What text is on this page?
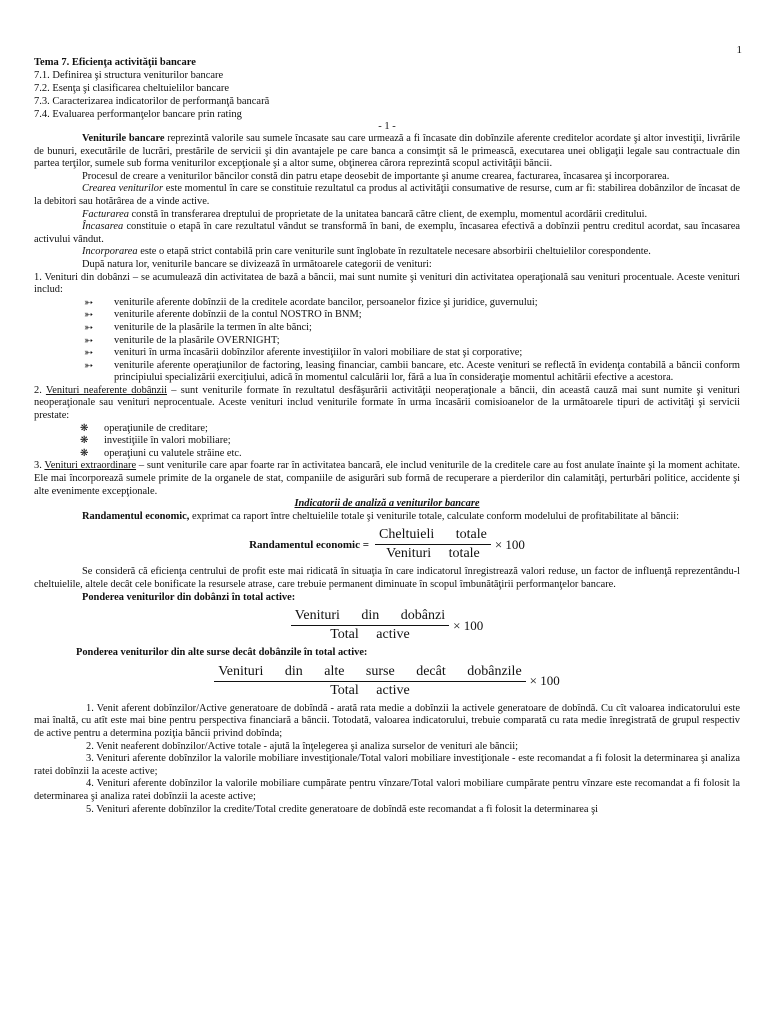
1
Tema 7. Eficienţa activităţii bancare
7.1. Definirea şi structura veniturilor bancare
7.2. Esenţa şi clasificarea cheltuielilor bancare
7.3. Caracterizarea indicatorilor de performanţă bancară
7.4. Evaluarea performanţelor bancare prin rating
- 1 -

Veniturile bancare reprezintă valorile sau sumele încasate sau care urmează a fi încasate din dobînzile aferente creditelor acordate şi altor investiţii, livrările de bunuri, executările de lucrări, prestările de servicii şi din avantajele pe care banca a consimţit să le primească, executarea unei obligaţii legale sau contractuale din partea terţilor, sumele sub forma veniturilor excepţionale şi a altor sume, obţinerea cărora reprezintă scopul activităţii băncii.

Procesul de creare a veniturilor băncilor constă din patru etape deosebit de importante şi anume crearea, facturarea, încasarea şi incorporarea.

Crearea veniturilor este momentul în care se constituie rezultatul ca produs al activităţii consumative de resurse, cum ar fi: stabilirea dobânzilor de încasat de la debitori sau hotărârea de a vinde active.

Facturarea constă în transferarea dreptului de proprietate de la unitatea bancară către client, de exemplu, momentul acordării creditului.

Încasarea constituie o etapă în care rezultatul vândut se transformă în bani, de exemplu, încasarea efectivă a dobînzii pentru creditul acordat, sau încasarea activului vândut.

Incorporarea este o etapă strict contabilă prin care veniturile sunt înglobate în rezultatele necesare absorbirii cheltuielilor corespondente.

După natura lor, veniturile bancare se divizează în următoarele categorii de venituri:

1. Venituri din dobânzi – se acumulează din activitatea de bază a băncii, mai sunt numite şi venituri din activitatea operaţională sau venituri procentuale. Aceste venituri includ:

➳ veniturile aferente dobînzii de la creditele acordate bancilor, persoanelor fizice şi juridice, guvernului;
➳ veniturile aferente dobînzii de la contul NOSTRO în BNM;
➳ veniturile de la plasările la termen în alte bănci;
➳ veniturile de la plasările OVERNIGHT;
➳ venituri în urma încasării dobînzilor aferente investiţiilor în valori mobiliare de stat şi corporative;
➳ veniturile aferente operaţiunilor de factoring, leasing financiar, cambii bancare, etc. Aceste venituri se reflectă în evidenţa contabilă a băncii conform principiului specializării exerciţiului, adică în momentul calculării lor, fără a lua în consideraţie momentul achitării efective a acestora.

2. Venituri neaferente dobânzii – sunt veniturile formate în rezultatul desfăşurării activităţii neoperaţionale a băncii, din această cauză mai sunt numite şi venituri neoperaţionale sau venituri neprocentuale. Aceste venituri includ veniturile formate în urma încasării comisioanelor de la următoarele tipuri de activităţi şi servicii prestate:

❋ operaţiunile de creditare;
❋ investiţiile în valori mobiliare;
❋ operaţiuni cu valutele străine etc.

3. Venituri extraordinare – sunt veniturile care apar foarte rar în activitatea bancară, ele includ veniturile de la creditele care au fost anulate înainte şi la moment achitate. Ele mai încorporează sumele primite de la organele de stat, companiile de asigurări sub formă de recuperare a pierderilor din calamităţi, perturbări politice, accidente şi alte evenimente excepţionale.

Indicatorii de analiză a veniturilor bancare

Randamentul economic, exprimat ca raport între cheltuielile totale şi veniturile totale, calculate conform modelului de profitabilitate al băncii:

Randamentul economic = $\frac{\text{Cheltuieli totale}}{\text{Venituri totale}} \times 100$

Se consideră că eficienţa centrului de profit este mai ridicată în situaţia în care indicatorul înregistrează valori reduse, un factor de influenţă reprezentându-l cheltuielile, altele decât cele bonificate la resursele atrase, care trebuie permanent diminuate în scopul îmbunătăţirii performanţelor bancare.

Ponderea veniturilor din dobânzi în total active:

$\frac{\text{Venituri din dobânzi}}{\text{Total active}} \times 100$

Ponderea veniturilor din alte surse decât dobânzile în total active:

$\frac{\text{Venituri din alte surse decât dobânzile}}{\text{Total active}} \times 100$

1. Venit aferent dobînzilor/Active generatoare de dobîndă - arată rata medie a dobînzii la activele generatoare de dobîndă. Cu cît valoarea indicatorului este mai înaltă, cu atît este mai bine pentru perspectiva financiară a băncii. Totodată, valoarea indicatorului, trebuie comparată cu rata medie înregistrată de grupul respectiv de active pentru a determina poziţia băncii privind dobînda;

2. Venit neaferent dobînzilor/Active totale - ajută la înţelegerea şi analiza surselor de venituri ale băncii;

3. Venituri aferente dobînzilor la valorile mobiliare investiţionale/Total valori mobiliare investiţionale - este recomandat a fi folosit la determinarea şi analiza ratei dobînzii la aceste active;

4. Venituri aferente dobînzilor la valorile mobiliare cumpărate pentru vînzare/Total valori mobiliare cumpărate pentru vînzare este recomandat a fi folosit la determinarea şi analiza ratei dobînzii la aceste active;

5. Venituri aferente dobînzilor la credite/Total credite generatoare de dobîndă este recomandat a fi folosit la determinarea şi
